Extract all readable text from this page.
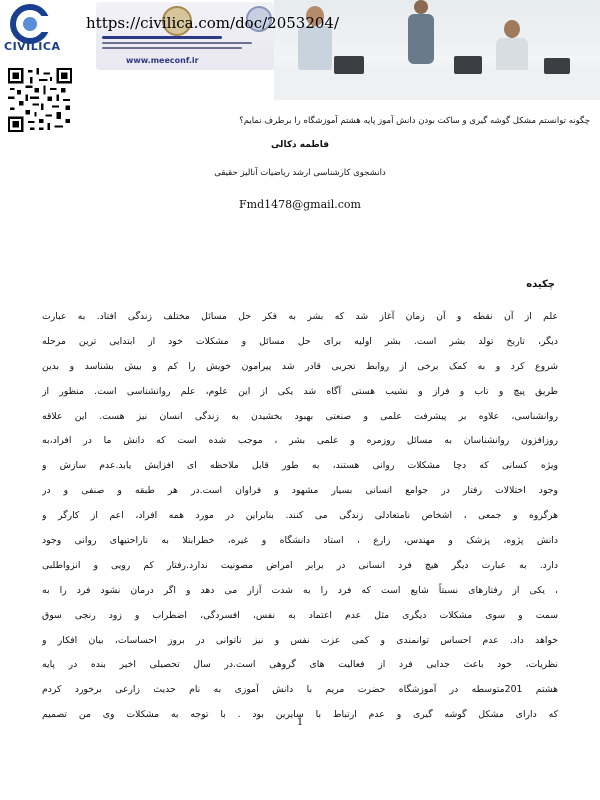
CIVILICA
www.meeconf.ir
https://civilica.com/doc/2053204/
چگونه توانستم مشکل گوشه گیری و ساکت بودن دانش آموز پایه هشتم آموزشگاه را برطرف نمایم؟
فاطمه دکالی
دانشجوی کارشناسی ارشد ریاضیات آنالیز حقیقی
Fmd1478@gmail.com
چکیده
علم از آن نقطه و آن زمان آغاز شد که بشر به فکر حل مسائل مختلف زندگی افتاد. به عبارت
دیگر، تاریخ تولد بشر است. بشر اولیه برای حل مسائل و مشکلات خود از ابتدایی ترین مرحله
شروع کرد و به کمک برخی از روابط تجربی قادر شد پیرامون خویش را کم و بیش بشناسد و بدین
طریق پیچ و تاب و فراز و نشیب هستی آگاه شد یکی از این علوم، علم روانشناسی است. منظور از
روانشناسی، علاوه بر پیشرفت علمی و صنعتی بهبود بخشیدن به زندگی انسان نیز هست. این علاقه
روزافزون روانشناسان به مسائل روزمره و علمی بشر ، موجب شده است که دانش ما در افراد،به
ویژه کسانی که دچا مشکلات روانی هستند، به طور قابل ملاحظه ای افزایش یابد.عدم سازش و
وجود اختلالات رفتار در جوامع انسانی بسیار مشهود و فراوان است.در هر طبقه و صنفی و در
هرگروه و جمعی ، اشخاص نامتعادلی زندگی می کنند. بنابراین در مورد همه افراد، اعم از کارگر و
دانش پژوه، پزشک و مهندس، زارع ، استاد دانشگاه و غیره، خطرابتلا به ناراحتیهای روانی وجود
دارد. به عبارت دیگر هیچ فرد انسانی در برابر امراض مصونیت ندارد.رفتار کم رویی و انزواطلبی
، یکی از رفتارهای نسبتاً شایع است که فرد را به شدت آزار می دهد و اگر درمان نشود فرد را به
سمت و سوی مشکلات دیگری مثل عدم اعتماد به نفس، افسردگی، اضطراب و زود رنجی سوق
خواهد داد. عدم احساس توانمندی و کمی عزت نفس و نیز ناتوانی در بروز احساسات، بیان افکار و
نظریات، خود باعث جدایی فرد از فعالیت های گروهی است.در سال تحصیلی اخیر بنده در پایه
هشتم 201متوسطه در آموزشگاه حضرت مریم با دانش آموزی به نام حدیث زارعی برخورد کردم
که دارای مشکل گوشه گیری و عدم ارتباط با سایرین بود . با توجه به مشکلات وی من تصمیم
1
